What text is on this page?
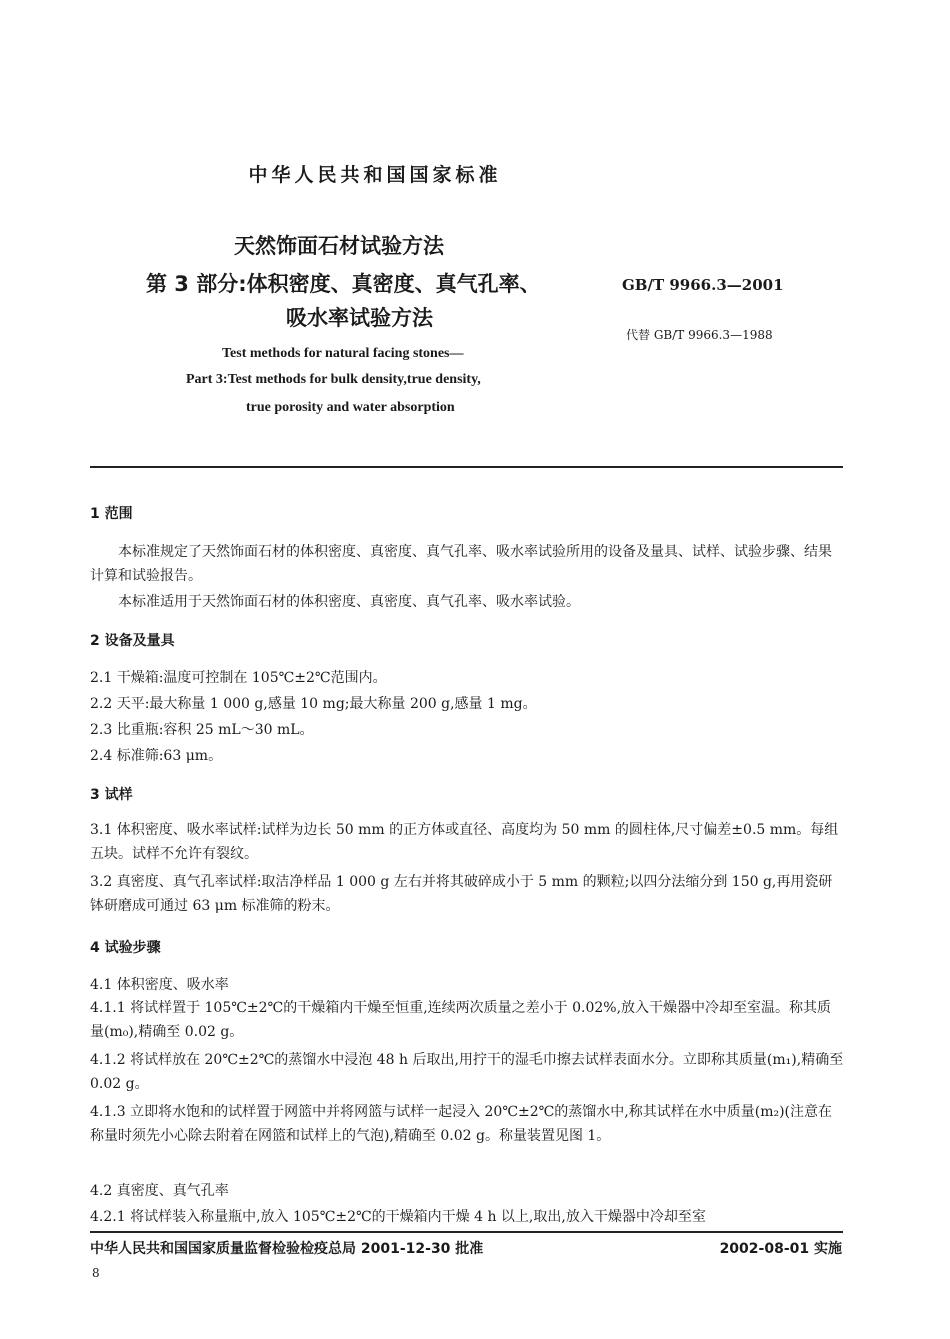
中华人民共和国国家标准
天然饰面石材试验方法
第 3 部分:体积密度、真密度、真气孔率、
吸水率试验方法
GB/T 9966.3—2001
代替 GB/T 9966.3—1988
Test methods for natural facing stones—
Part 3:Test methods for bulk density,true density,
true porosity and water absorption
1 范围
本标准规定了天然饰面石材的体积密度、真密度、真气孔率、吸水率试验所用的设备及量具、试样、试验步骤、结果计算和试验报告。
本标准适用于天然饰面石材的体积密度、真密度、真气孔率、吸水率试验。
2 设备及量具
2.1 干燥箱:温度可控制在 105℃±2℃范围内。
2.2 天平:最大称量 1 000 g,感量 10 mg;最大称量 200 g,感量 1 mg。
2.3 比重瓶:容积 25 mL～30 mL。
2.4 标准筛:63 μm。
3 试样
3.1 体积密度、吸水率试样:试样为边长 50 mm 的正方体或直径、高度均为 50 mm 的圆柱体,尺寸偏差±0.5 mm。每组五块。试样不允许有裂纹。
3.2 真密度、真气孔率试样:取洁净样品 1 000 g 左右并将其破碎成小于 5 mm 的颗粒;以四分法缩分到 150 g,再用瓷研钵研磨成可通过 63 μm 标准筛的粉末。
4 试验步骤
4.1 体积密度、吸水率
4.1.1 将试样置于 105℃±2℃的干燥箱内干燥至恒重,连续两次质量之差小于 0.02%,放入干燥器中冷却至室温。称其质量(m₀),精确至 0.02 g。
4.1.2 将试样放在 20℃±2℃的蒸馏水中浸泡 48 h 后取出,用拧干的湿毛巾擦去试样表面水分。立即称其质量(m₁),精确至 0.02 g。
4.1.3 立即将水饱和的试样置于网篮中并将网篮与试样一起浸入 20℃±2℃的蒸馏水中,称其试样在水中质量(m₂)(注意在称量时须先小心除去附着在网篮和试样上的气泡),精确至 0.02 g。称量装置见图 1。
4.2 真密度、真气孔率
4.2.1 将试样装入称量瓶中,放入 105℃±2℃的干燥箱内干燥 4 h 以上,取出,放入干燥器中冷却至室
中华人民共和国国家质量监督检验检疫总局 2001-12-30 批准	2002-08-01 实施
8
